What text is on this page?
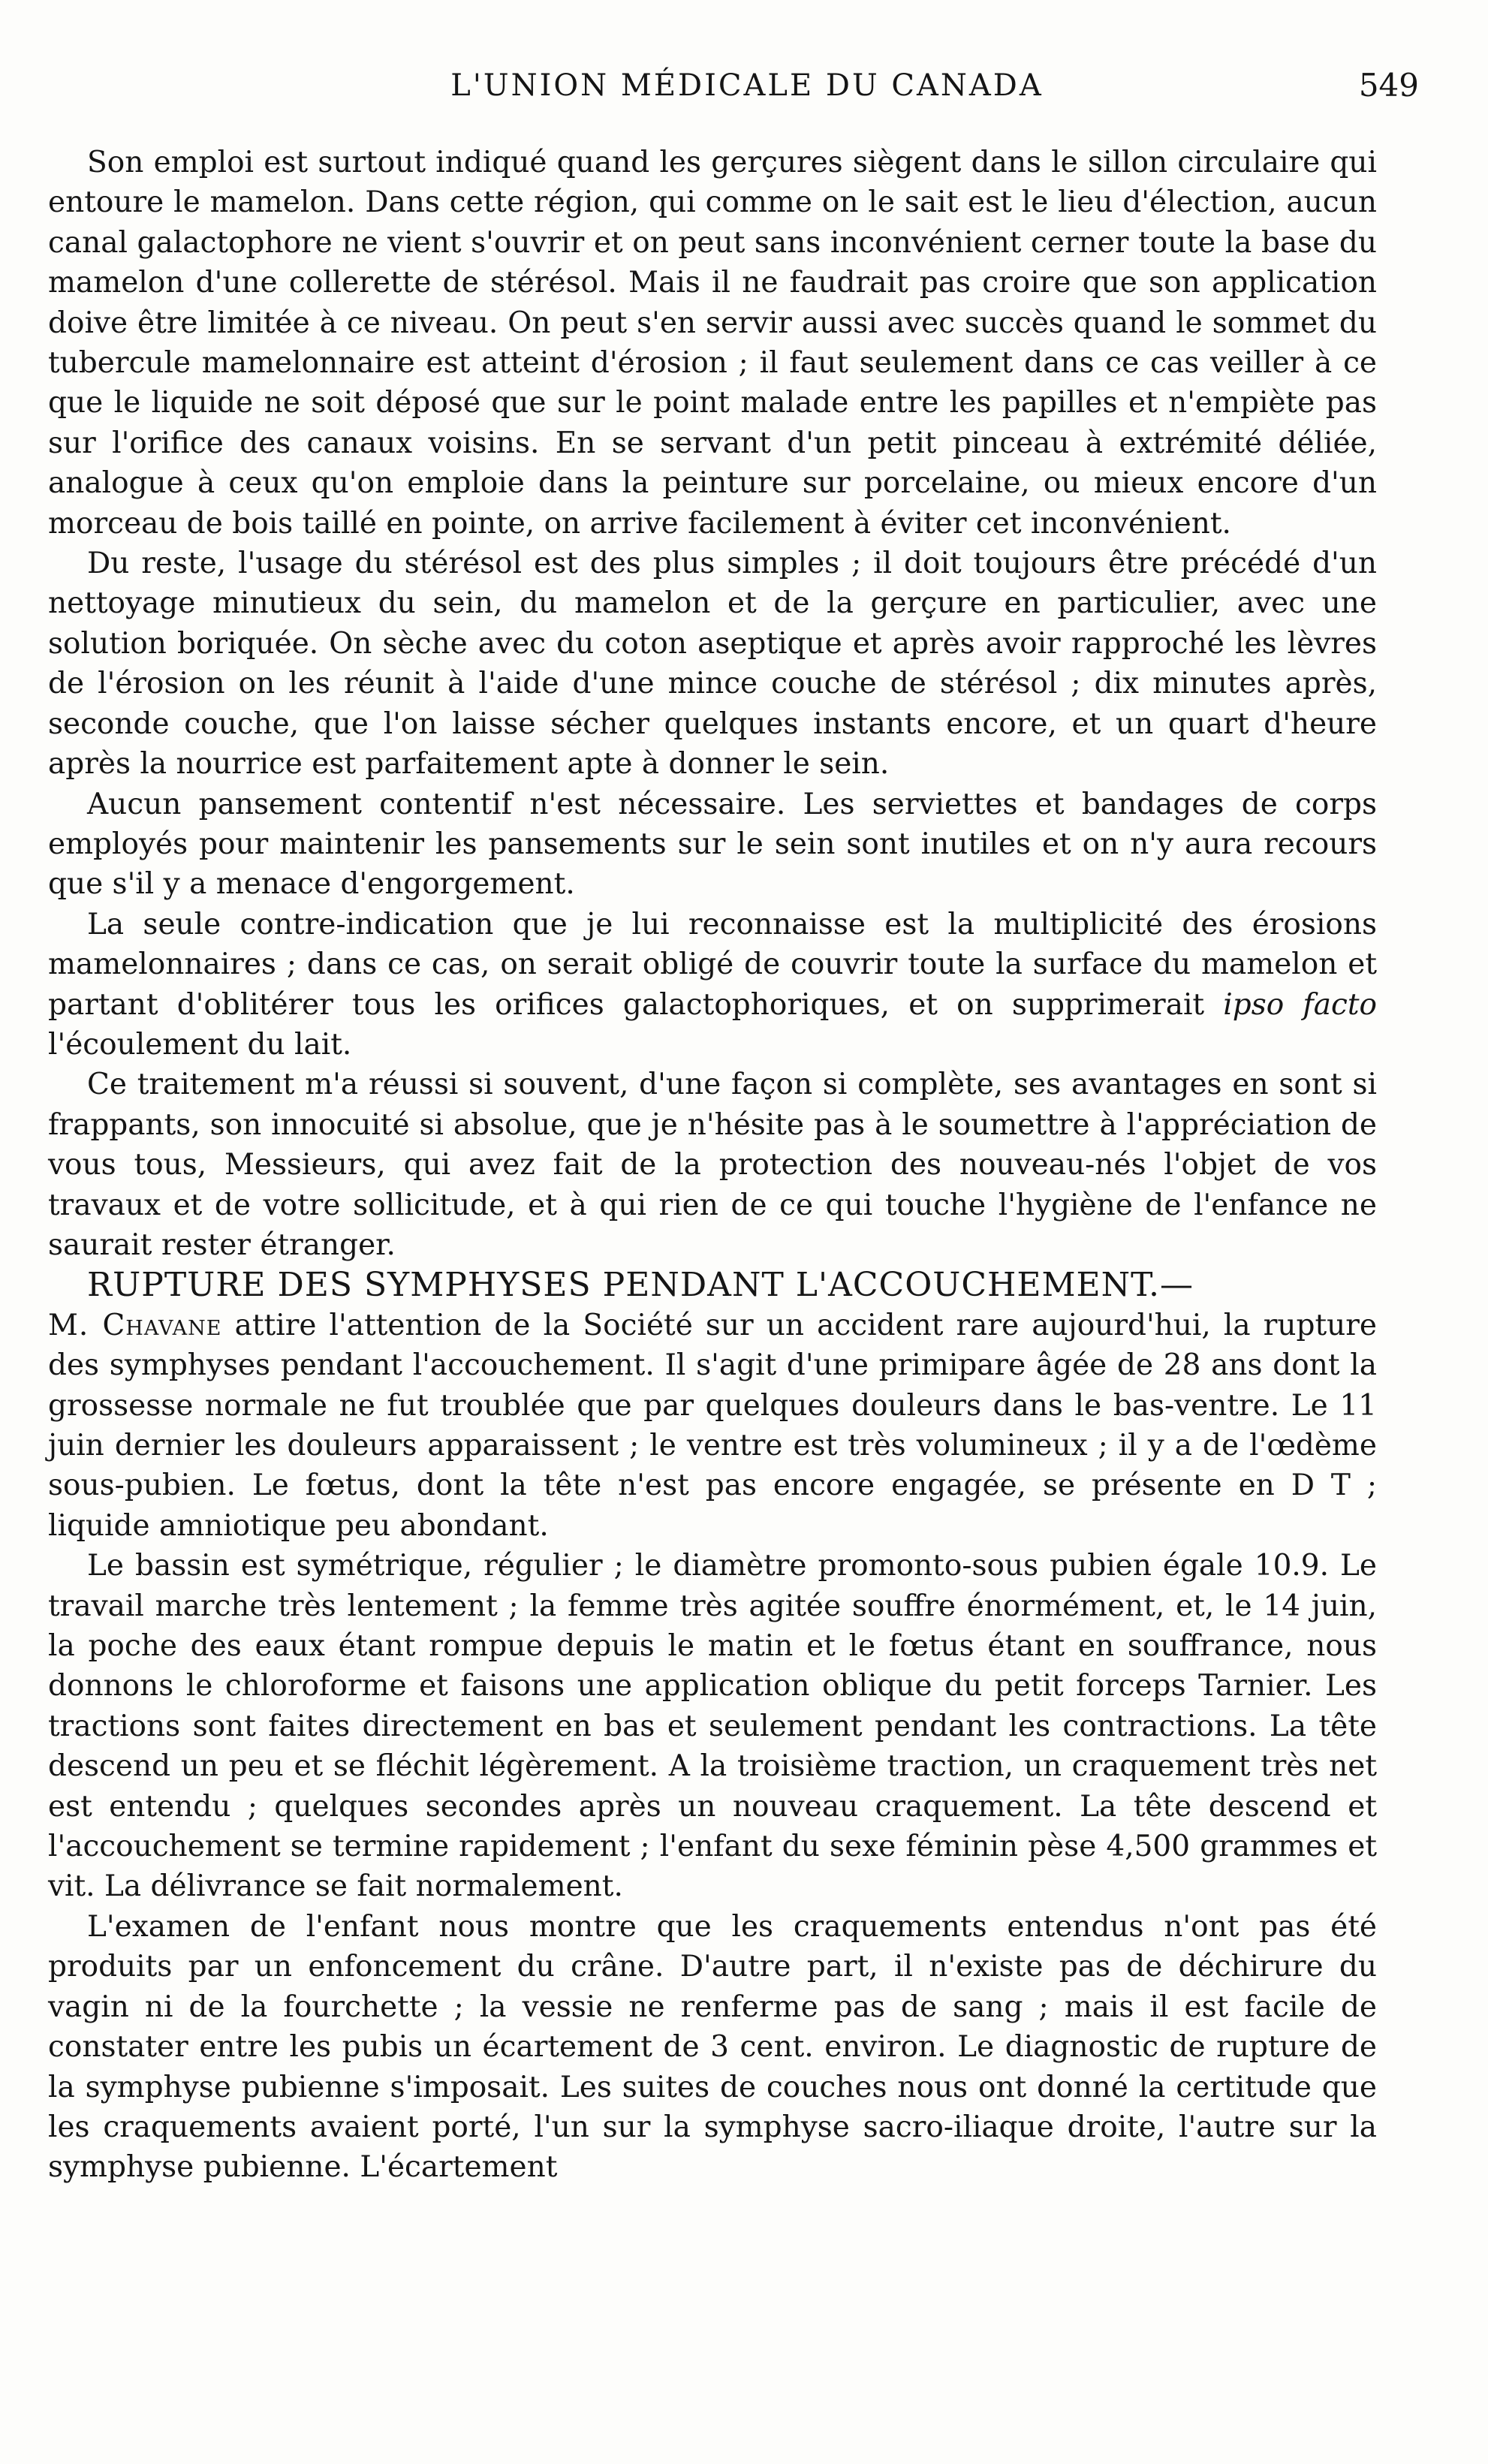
L'UNION MÉDICALE DU CANADA	549

Son emploi est surtout indiqué quand les gerçures siègent dans le sillon circulaire qui entoure le mamelon. Dans cette région, qui comme on le sait est le lieu d'élection, aucun canal galactophore ne vient s'ouvrir et on peut sans inconvénient cerner toute la base du mamelon d'une collerette de stérésol. Mais il ne faudrait pas croire que son application doive être limitée à ce niveau. On peut s'en servir aussi avec succès quand le sommet du tubercule mamelonnaire est atteint d'érosion ; il faut seulement dans ce cas veiller à ce que le liquide ne soit déposé que sur le point malade entre les papilles et n'empiète pas sur l'orifice des canaux voisins. En se servant d'un petit pinceau à extrémité déliée, analogue à ceux qu'on emploie dans la peinture sur porcelaine, ou mieux encore d'un morceau de bois taillé en pointe, on arrive facilement à éviter cet inconvénient.

Du reste, l'usage du stérésol est des plus simples ; il doit toujours être précédé d'un nettoyage minutieux du sein, du mamelon et de la gerçure en particulier, avec une solution boriquée. On sèche avec du coton aseptique et après avoir rapproché les lèvres de l'érosion on les réunit à l'aide d'une mince couche de stérésol ; dix minutes après, seconde couche, que l'on laisse sécher quelques instants encore, et un quart d'heure après la nourrice est parfaitement apte à donner le sein.

Aucun pansement contentif n'est nécessaire. Les serviettes et bandages de corps employés pour maintenir les pansements sur le sein sont inutiles et on n'y aura recours que s'il y a menace d'engorgement.

La seule contre-indication que je lui reconnaisse est la multiplicité des érosions mamelonnaires ; dans ce cas, on serait obligé de couvrir toute la surface du mamelon et partant d'oblitérer tous les orifices galactophoriques, et on supprimerait ipso facto l'écoulement du lait.

Ce traitement m'a réussi si souvent, d'une façon si complète, ses avantages en sont si frappants, son innocuité si absolue, que je n'hésite pas à le soumettre à l'appréciation de vous tous, Messieurs, qui avez fait de la protection des nouveau-nés l'objet de vos travaux et de votre sollicitude, et à qui rien de ce qui touche l'hygiène de l'enfance ne saurait rester étranger.

RUPTURE DES SYMPHYSES PENDANT L'ACCOUCHEMENT.—

M. Chavane attire l'attention de la Société sur un accident rare aujourd'hui, la rupture des symphyses pendant l'accouchement. Il s'agit d'une primipare âgée de 28 ans dont la grossesse normale ne fut troublée que par quelques douleurs dans le bas-ventre. Le 11 juin dernier les douleurs apparaissent ; le ventre est très volumineux ; il y a de l'œdème sous-pubien. Le fœtus, dont la tête n'est pas encore engagée, se présente en D T ; liquide amniotique peu abondant.

Le bassin est symétrique, régulier ; le diamètre promonto-sous pubien égale 10.9. Le travail marche très lentement ; la femme très agitée souffre énormément, et, le 14 juin, la poche des eaux étant rompue depuis le matin et le fœtus étant en souffrance, nous donnons le chloroforme et faisons une application oblique du petit forceps Tarnier. Les tractions sont faites directement en bas et seulement pendant les contractions. La tête descend un peu et se fléchit légèrement. A la troisième traction, un craquement très net est entendu ; quelques secondes après un nouveau craquement. La tête descend et l'accouchement se termine rapidement ; l'enfant du sexe féminin pèse 4,500 grammes et vit. La délivrance se fait normalement.

L'examen de l'enfant nous montre que les craquements entendus n'ont pas été produits par un enfoncement du crâne. D'autre part, il n'existe pas de déchirure du vagin ni de la fourchette ; la vessie ne renferme pas de sang ; mais il est facile de constater entre les pubis un écartement de 3 cent. environ. Le diagnostic de rupture de la symphyse pubienne s'imposait. Les suites de couches nous ont donné la certitude que les craquements avaient porté, l'un sur la symphyse sacro-iliaque droite, l'autre sur la symphyse pubienne. L'écartement
